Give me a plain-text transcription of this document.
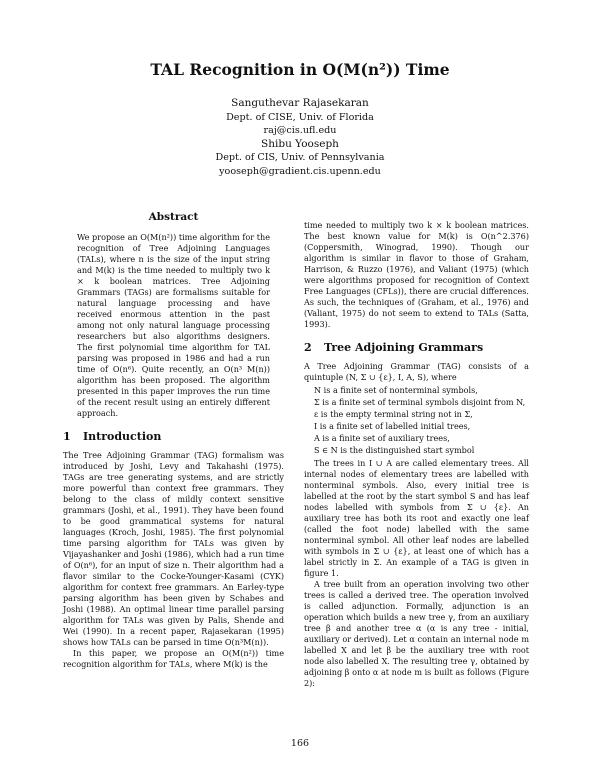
TAL Recognition in O(M(n²)) Time
Sanguthevar Rajasekaran
Dept. of CISE, Univ. of Florida
raj@cis.ufl.edu
Shibu Yooseph
Dept. of CIS, Univ. of Pennsylvania
yooseph@gradient.cis.upenn.edu
Abstract

We propose an O(M(n²)) time algorithm for the recognition of Tree Adjoining Languages (TALs), where n is the size of the input string and M(k) is the time needed to multiply two k × k boolean matrices. Tree Adjoining Grammars (TAGs) are formalisms suitable for natural language processing and have received enormous attention in the past among not only natural language processing researchers but also algorithms designers. The first polynomial time algorithm for TAL parsing was proposed in 1986 and had a run time of O(n⁶). Quite recently, an O(n³ M(n)) algorithm has been proposed. The algorithm presented in this paper improves the run time of the recent result using an entirely different approach.

1 Introduction

The Tree Adjoining Grammar (TAG) formalism was introduced by Joshi, Levy and Takahashi (1975). TAGs are tree generating systems, and are strictly more powerful than context free grammars. They belong to the class of mildly context sensitive grammars (Joshi, et al., 1991). They have been found to be good grammatical systems for natural languages (Kroch, Joshi, 1985). The first polynomial time parsing algorithm for TALs was given by Vijayashanker and Joshi (1986), which had a run time of O(n⁶), for an input of size n. Their algorithm had a flavor similar to the Cocke-Younger-Kasami (CYK) algorithm for context free grammars. An Earley-type parsing algorithm has been given by Schabes and Joshi (1988). An optimal linear time parallel parsing algorithm for TALs was given by Palis, Shende and Wei (1990). In a recent paper, Rajasekaran (1995) shows how TALs can be parsed in time O(n³M(n)).

In this paper, we propose an O(M(n²)) time recognition algorithm for TALs, where M(k) is the

time needed to multiply two k × k boolean matrices. The best known value for M(k) is O(n^2.376) (Coppersmith, Winograd, 1990). Though our algorithm is similar in flavor to those of Graham, Harrison, & Ruzzo (1976), and Valiant (1975) (which were algorithms proposed for recognition of Context Free Languages (CFLs)), there are crucial differences. As such, the techniques of (Graham, et al., 1976) and (Valiant, 1975) do not seem to extend to TALs (Satta, 1993).

2 Tree Adjoining Grammars

A Tree Adjoining Grammar (TAG) consists of a quintuple (N, Σ ∪ {ε}, I, A, S), where

N is a finite set of nonterminal symbols,
Σ is a finite set of terminal symbols disjoint from N,
ε is the empty terminal string not in Σ,
I is a finite set of labelled initial trees,
A is a finite set of auxiliary trees,
S ∈ N is the distinguished start symbol

The trees in I ∪ A are called elementary trees. All internal nodes of elementary trees are labelled with nonterminal symbols. Also, every initial tree is labelled at the root by the start symbol S and has leaf nodes labelled with symbols from Σ ∪ {ε}. An auxiliary tree has both its root and exactly one leaf (called the foot node) labelled with the same nonterminal symbol. All other leaf nodes are labelled with symbols in Σ ∪ {ε}, at least one of which has a label strictly in Σ. An example of a TAG is given in figure 1.

A tree built from an operation involving two other trees is called a derived tree. The operation involved is called adjunction. Formally, adjunction is an operation which builds a new tree γ, from an auxiliary tree β and another tree α (α is any tree - initial, auxiliary or derived). Let α contain an internal node m labelled X and let β be the auxiliary tree with root node also labelled X. The resulting tree γ, obtained by adjoining β onto α at node m is built as follows (Figure 2):

166
